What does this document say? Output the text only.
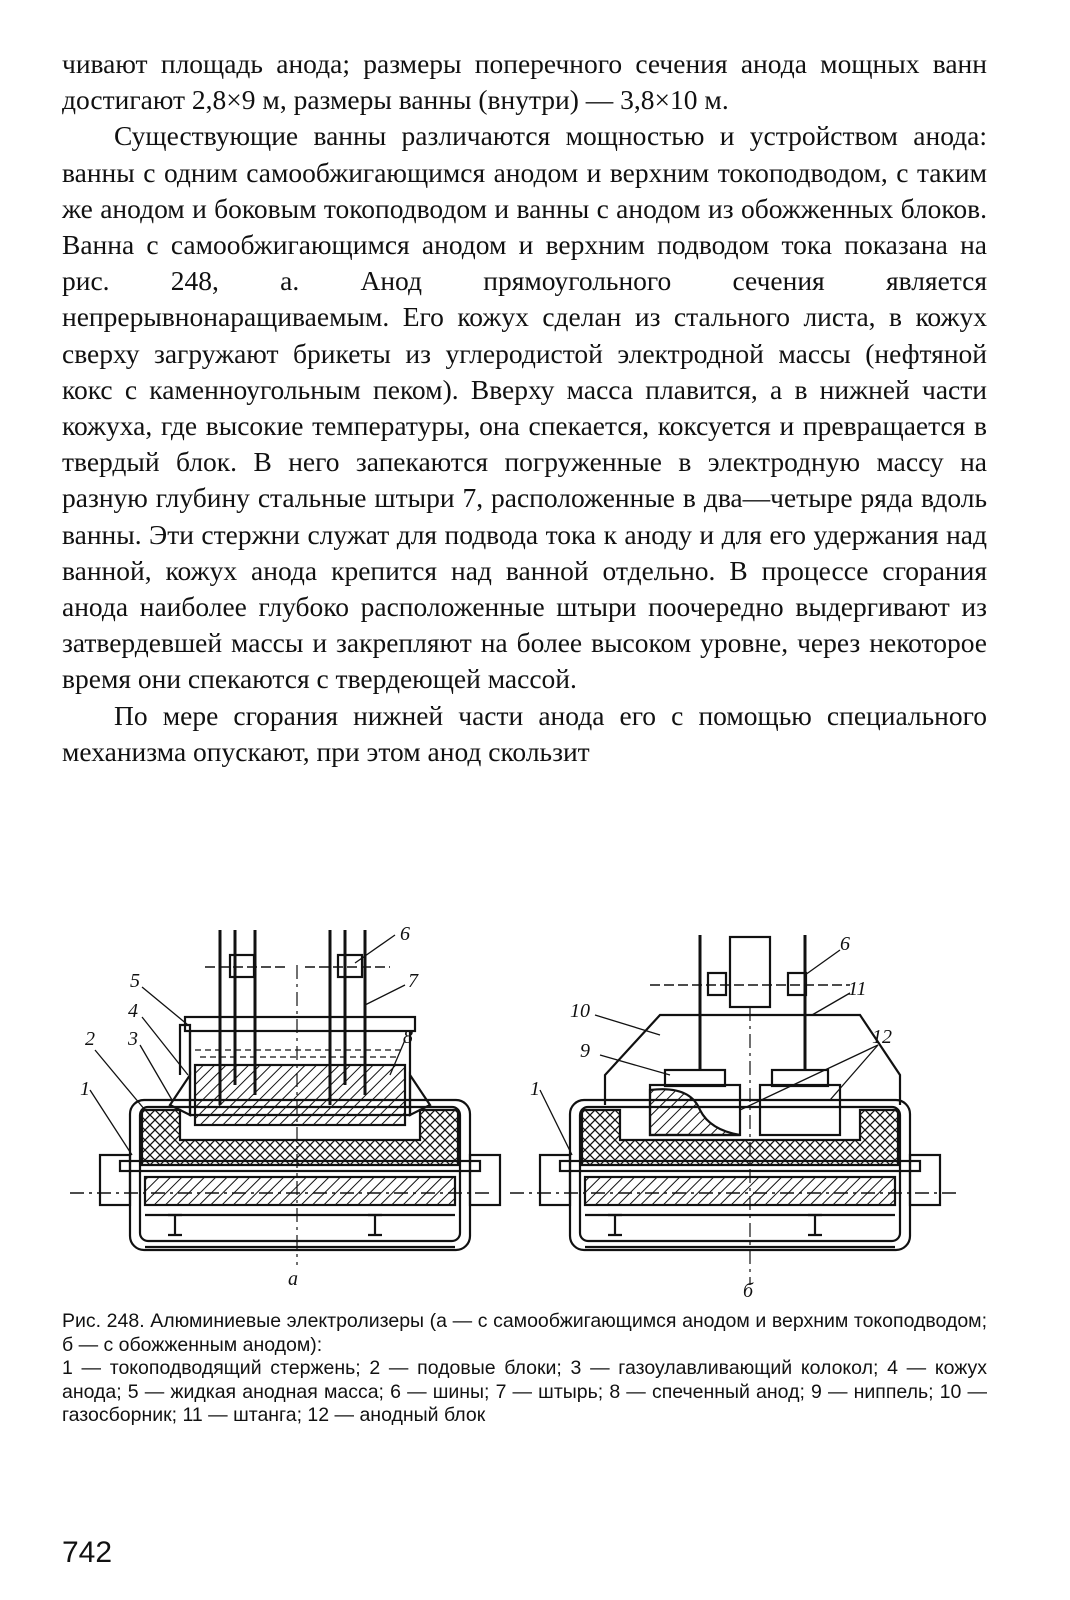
чивают площадь анода; размеры поперечного сечения анода мощных ванн достигают 2,8×9 м, размеры ванны (внутри) — 3,8×10 м.

Существующие ванны различаются мощностью и устройством анода: ванны с одним самообжигающимся анодом и верхним токоподводом, с таким же анодом и боковым токоподводом и ванны с анодом из обожженных блоков. Ванна с самообжигающимся анодом и верхним подводом тока показана на рис. 248, а. Анод прямоугольного сечения является непрерывнонаращиваемым. Его кожух сделан из стального листа, в кожух сверху загружают брикеты из углеродистой электродной массы (нефтяной кокс с каменноугольным пеком). Вверху масса плавится, а в нижней части кожуха, где высокие температуры, она спекается, коксуется и превращается в твердый блок. В него запекаются погруженные в электродную массу на разную глубину стальные штыри 7, расположенные в два—четыре ряда вдоль ванны. Эти стержни служат для подвода тока к аноду и для его удержания над ванной, кожух анода крепится над ванной отдельно. В процессе сгорания анода наиболее глубоко расположенные штыри поочередно выдергивают из затвердевшей массы и закрепляют на более высоком уровне, через некоторое время они спекаются с твердеющей массой.

По мере сгорания нижней части анода его с помощью специального механизма опускают, при этом анод скользит

1
2 3
4
5
6
7
8
а
1
6
9
10
11
12
б

Рис. 248. Алюминиевые электролизеры (а — с самообжигающимся анодом и верхним токоподводом; б — с обожженным анодом):

1 — токоподводящий стержень; 2 — подовые блоки; 3 — газоулавливающий колокол; 4 — кожух анода; 5 — жидкая анодная масса; 6 — шины; 7 — штырь; 8 — спеченный анод; 9 — ниппель; 10 — газосборник; 11 — штанга; 12 — анодный блок

742
